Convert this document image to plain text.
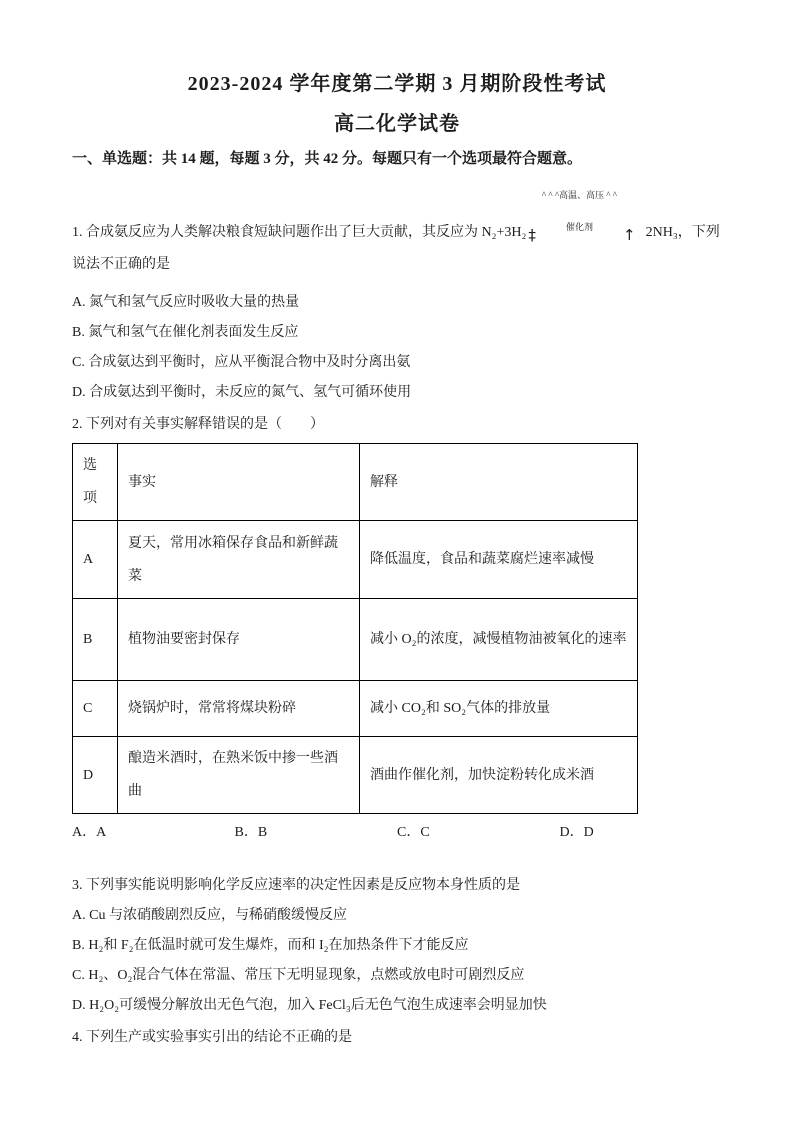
2023-2024 学年度第二学期 3 月期阶段性考试
高二化学试卷
一、单选题：共 14 题，每题 3 分，共 42 分。每题只有一个选项最符合题意。

1. 合成氨反应为人类解决粮食短缺问题作出了巨大贡献，其反应为 N₂+3H₂ ‡
^ ^ ^高温、高压 ^ ^
催化剂	↑ 2NH₃，下列说法不正确的是

A. 氮气和氢气反应时吸收大量的热量
B. 氮气和氢气在催化剂表面发生反应
C. 合成氨达到平衡时，应从平衡混合物中及时分离出氨
D. 合成氨达到平衡时，未反应的氮气、氢气可循环使用
2. 下列对有关事实解释错误的是（　　）
选项	事实	解释
A	夏天，常用冰箱保存食品和新鲜蔬菜	降低温度，食品和蔬菜腐烂速率减慢
B	植物油要密封保存	减小 O₂的浓度，减慢植物油被氧化的速率
C	烧锅炉时，常常将煤块粉碎	减小 CO₂和 SO₂气体的排放量
D	酿造米酒时，在熟米饭中掺一些酒曲	酒曲作催化剂，加快淀粉转化成米酒
A．A	B．B	C．C	D．D
3. 下列事实能说明影响化学反应速率的决定性因素是反应物本身性质的是
A. Cu 与浓硝酸剧烈反应，与稀硝酸缓慢反应
B. H₂和 F₂在低温时就可发生爆炸，而和 I₂在加热条件下才能反应
C. H₂、O₂混合气体在常温、常压下无明显现象，点燃或放电时可剧烈反应
D. H₂O₂可缓慢分解放出无色气泡，加入 FeCl₃后无色气泡生成速率会明显加快
4. 下列生产或实验事实引出的结论不正确的是
